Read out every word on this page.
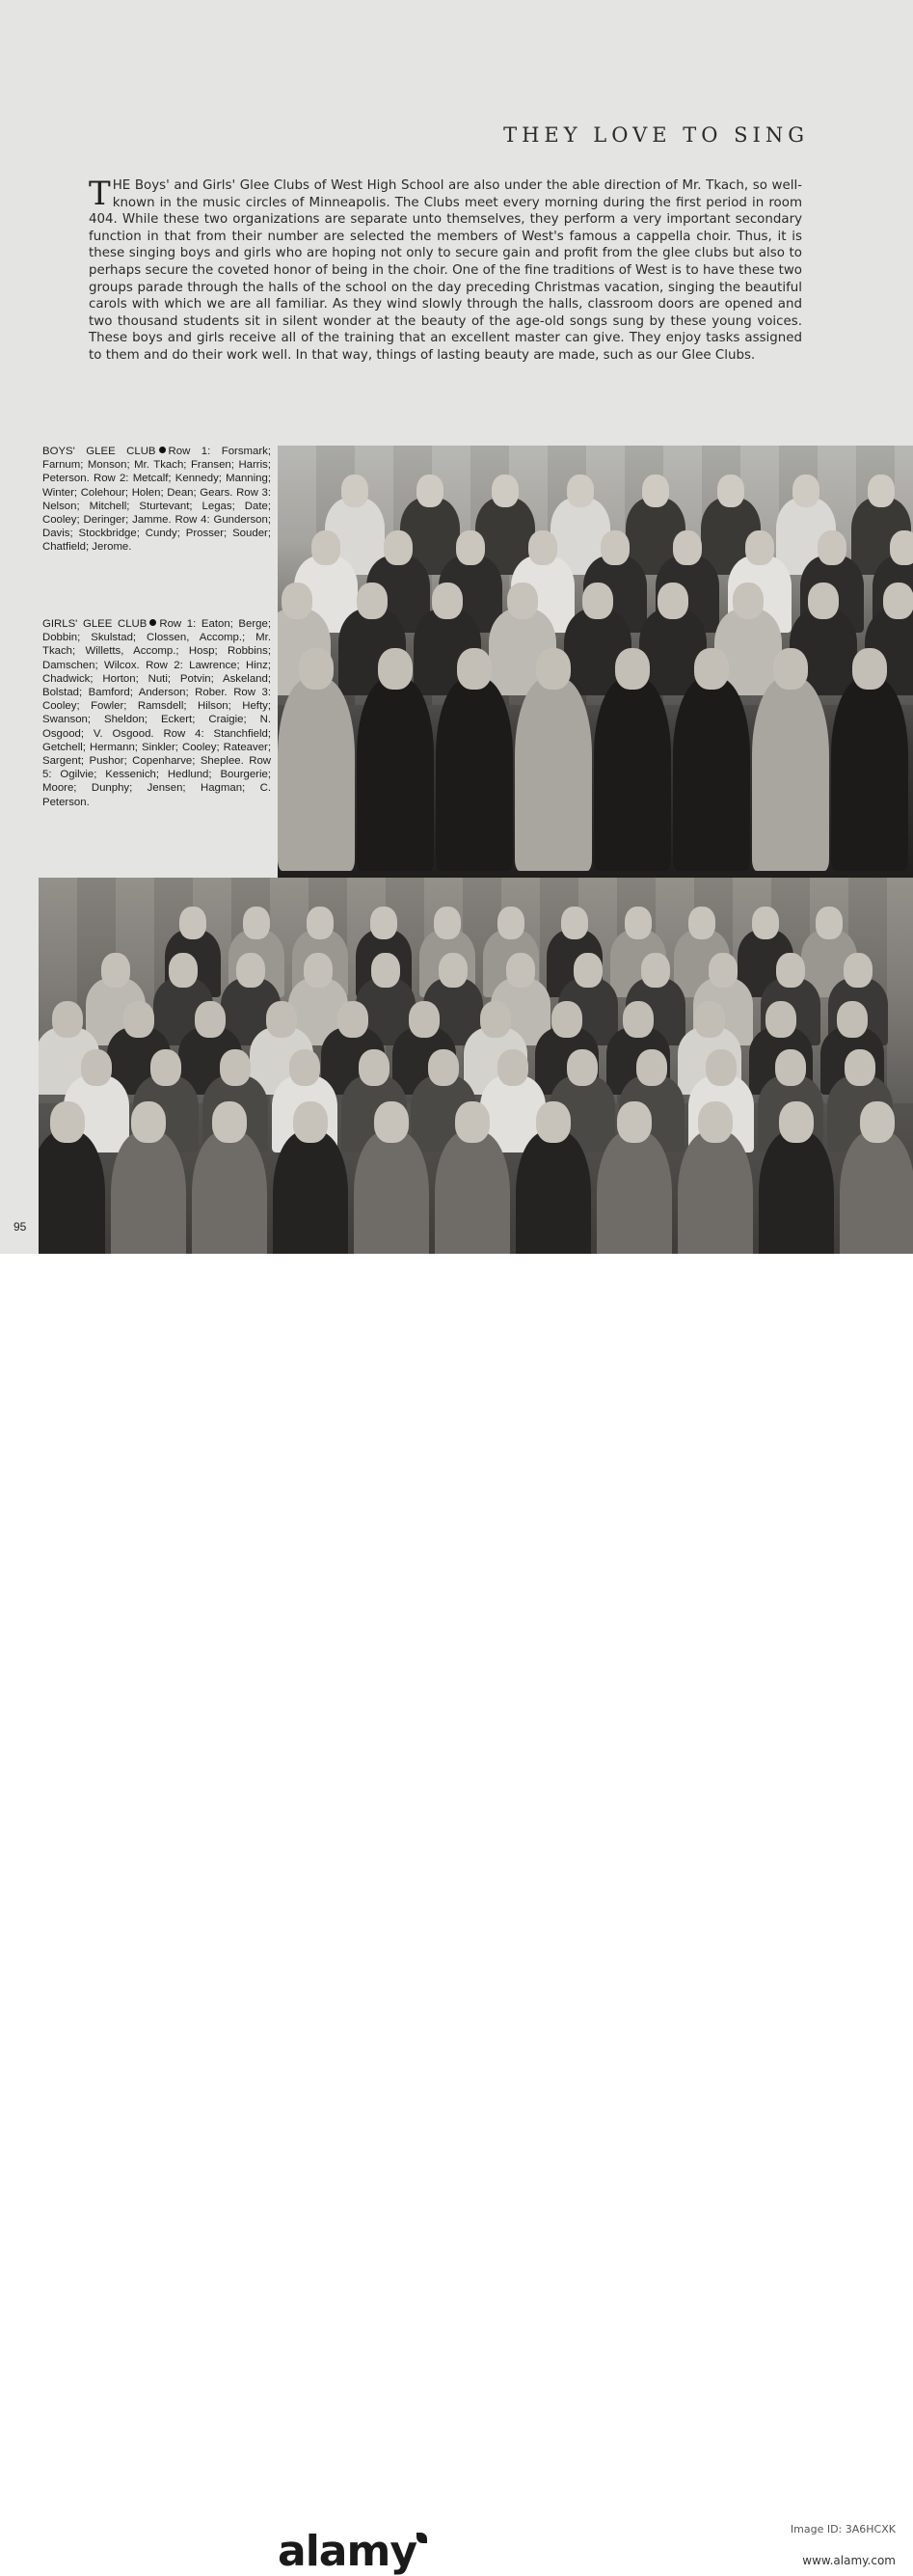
THEY LOVE TO SING

THE Boys' and Girls' Glee Clubs of West High School are also under the able direction of Mr. Tkach, so well-known in the music circles of Minneapolis. The Clubs meet every morning during the first period in room 404. While these two organizations are separate unto themselves, they perform a very important secondary function in that from their number are selected the members of West's famous a cappella choir. Thus, it is these singing boys and girls who are hoping not only to secure gain and profit from the glee clubs but also to perhaps secure the coveted honor of being in the choir. One of the fine traditions of West is to have these two groups parade through the halls of the school on the day preceding Christmas vacation, singing the beautiful carols with which we are all familiar. As they wind slowly through the halls, classroom doors are opened and two thousand students sit in silent wonder at the beauty of the age-old songs sung by these young voices. These boys and girls receive all of the training that an excellent master can give. They enjoy tasks assigned to them and do their work well. In that way, things of lasting beauty are made, such as our Glee Clubs.

BOYS' GLEE CLUB Row 1: Forsmark; Farnum; Monson; Mr. Tkach; Fransen; Harris; Peterson. Row 2: Metcalf; Kennedy; Manning; Winter; Colehour; Holen; Dean; Gears. Row 3: Nelson; Mitchell; Sturtevant; Legas; Date; Cooley; Deringer; Jamme. Row 4: Gunderson; Davis; Stockbridge; Cundy; Prosser; Souder; Chatfield; Jerome.

GIRLS' GLEE CLUB Row 1: Eaton; Berge; Dobbin; Skulstad; Clossen, Accomp.; Mr. Tkach; Willetts, Accomp.; Hosp; Robbins; Damschen; Wilcox. Row 2: Lawrence; Hinz; Chadwick; Horton; Nuti; Potvin; Askeland; Bolstad; Bamford; Anderson; Rober. Row 3: Cooley; Fowler; Ramsdell; Hilson; Hefty; Swanson; Sheldon; Eckert; Craigie; N. Osgood; V. Osgood. Row 4: Stanchfield; Getchell; Hermann; Sinkler; Cooley; Rateaver; Sargent; Pushor; Copenharve; Sheplee. Row 5: Ogilvie; Kessenich; Hedlund; Bourgerie; Moore; Dunphy; Jensen; Hagman; C. Peterson.

95
alamy	Image ID: 3A6HCXK
www.alamy.com
